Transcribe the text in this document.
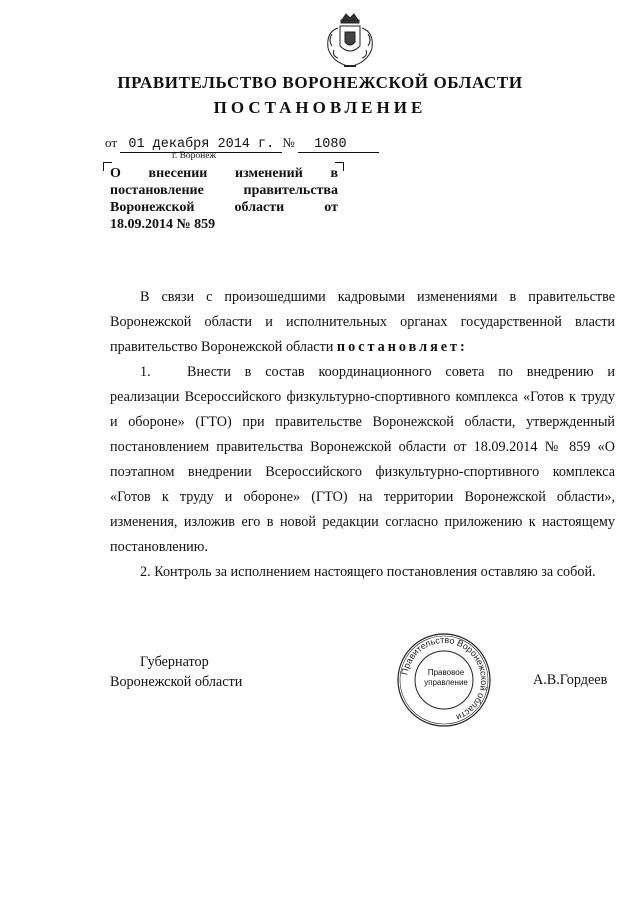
ПРАВИТЕЛЬСТВО ВОРОНЕЖСКОЙ ОБЛАСТИ
ПОСТАНОВЛЕНИЕ
от 01 декабря 2014 г. № 1080
г. Воронеж
О внесении изменений в
постановление правительства
Воронежской области от
18.09.2014 № 859

В связи с произошедшими кадровыми изменениями в правительстве Воронежской области и исполнительных органах государственной власти правительство Воронежской области постановляет:

1.	Внести в состав координационного совета по внедрению и реализации Всероссийского физкультурно-спортивного комплекса «Готов к труду и обороне» (ГТО) при правительстве Воронежской области, утвержденный постановлением правительства Воронежской области от 18.09.2014 № 859 «О поэтапном внедрении Всероссийского физкультурно-спортивного комплекса «Готов к труду и обороне» (ГТО) на территории Воронежской области», изменения, изложив его в новой редакции согласно приложению к настоящему постановлению.

2. Контроль за исполнением настоящего постановления оставляю за собой.

Губернатор
Воронежской области
Правительство Воронежской области
Правовое
управление	А.В.Гордеев
